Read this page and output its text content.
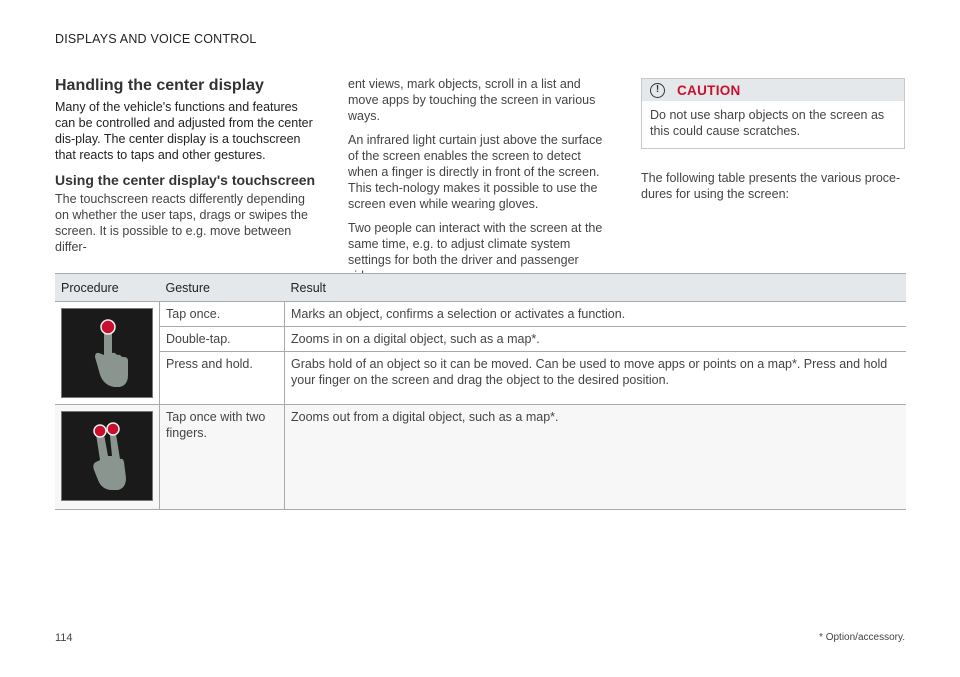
DISPLAYS AND VOICE CONTROL
Handling the center display

Many of the vehicle's functions and features can be controlled and adjusted from the center dis-play. The center display is a touchscreen that reacts to taps and other gestures.

Using the center display's touchscreen

The touchscreen reacts differently depending on whether the user taps, drags or swipes the screen. It is possible to e.g. move between differ-

ent views, mark objects, scroll in a list and move apps by touching the screen in various ways.

An infrared light curtain just above the surface of the screen enables the screen to detect when a finger is directly in front of the screen. This tech-nology makes it possible to use the screen even while wearing gloves.

Two people can interact with the screen at the same time, e.g. to adjust climate system settings for both the driver and passenger

!	CAUTION
Do not use sharp objects on the screen as this could cause scratches.
The following table presents the various proce-dures for using the screen:
Procedure	Gesture	Result

	Tap once.	Marks an object, confirms a selection or activates a function.
	Double-tap.	Zooms in on a digital object, such as a map*.
	Press and hold.	Grabs hold of an object so it can be moved. Can be used to move apps or points on a map*. Press and hold your finger on the screen and drag the object to the desired position.

	Tap once with two fingers.	Zooms out from a digital object, such as a map*.
114	* Option/accessory.
